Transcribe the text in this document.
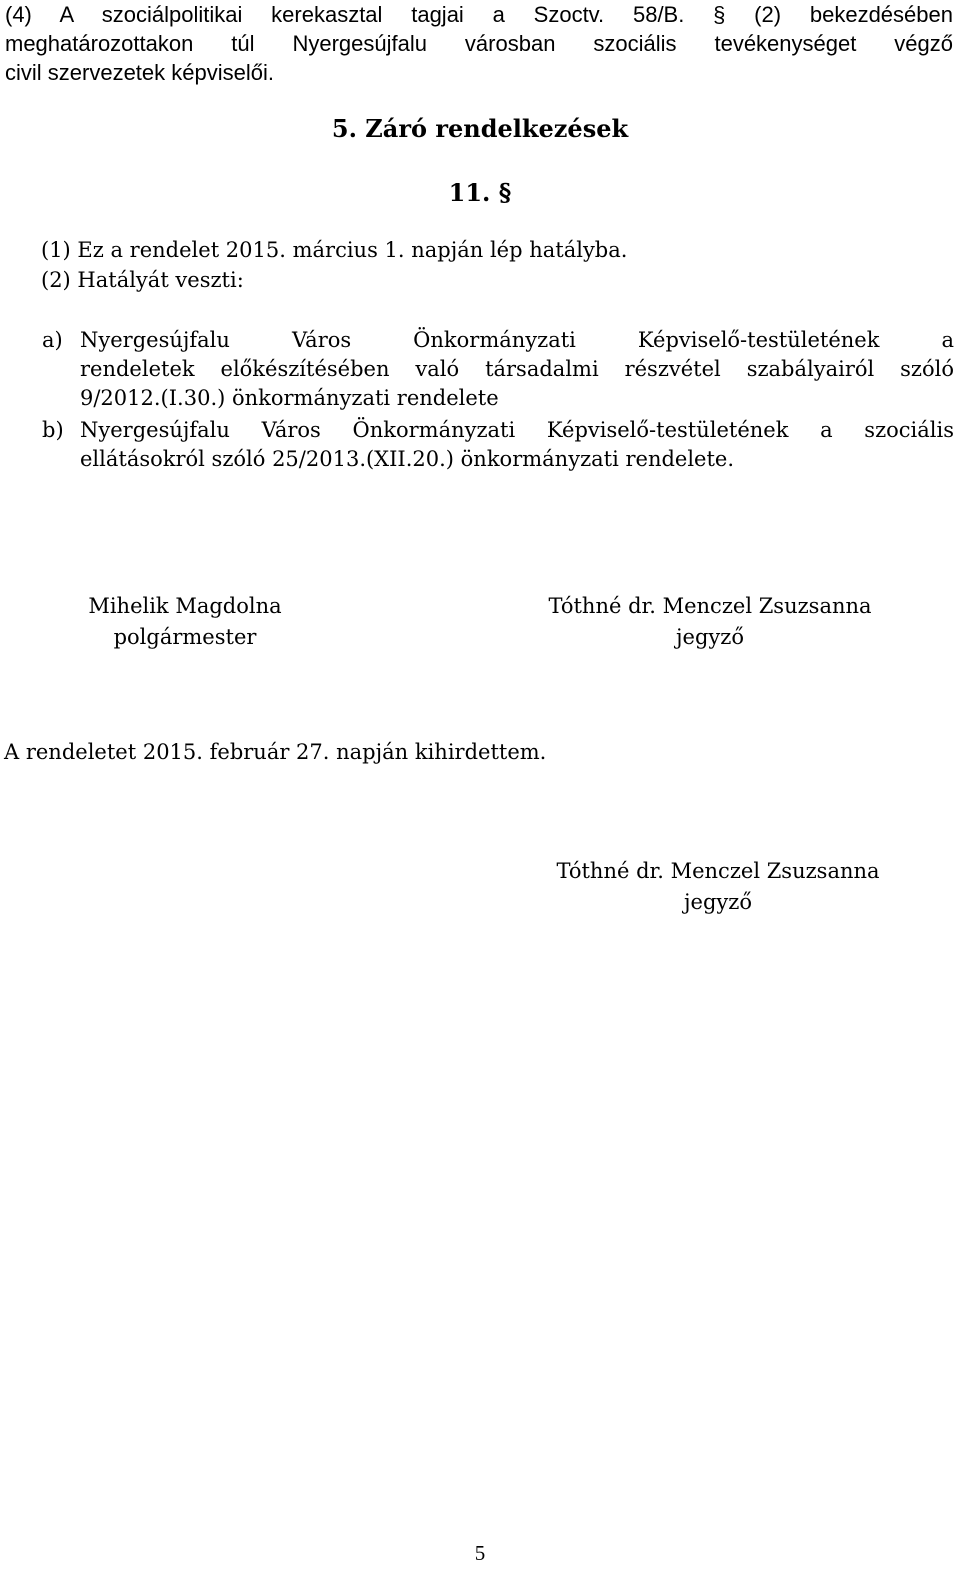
(4) A szociálpolitikai kerekasztal tagjai a Szoctv. 58/B. § (2) bekezdésében
meghatározottakon túl Nyergesújfalu városban szociális tevékenységet végző
civil szervezetek képviselői.
5. Záró rendelkezések
11. §
(1) Ez a rendelet 2015. március 1. napján lép hatályba.
(2) Hatályát veszti:
a) Nyergesújfalu Város Önkormányzati Képviselő-testületének a
rendeletek előkészítésében való társadalmi részvétel szabályairól szóló
9/2012.(I.30.) önkormányzati rendelete
b) Nyergesújfalu Város Önkormányzati Képviselő-testületének a szociális
ellátásokról szóló 25/2013.(XII.20.) önkormányzati rendelete.
Mihelik Magdolna
polgármester
Tóthné dr. Menczel Zsuzsanna
jegyző
A rendeletet 2015. február 27. napján kihirdettem.
Tóthné dr. Menczel Zsuzsanna
jegyző
5
